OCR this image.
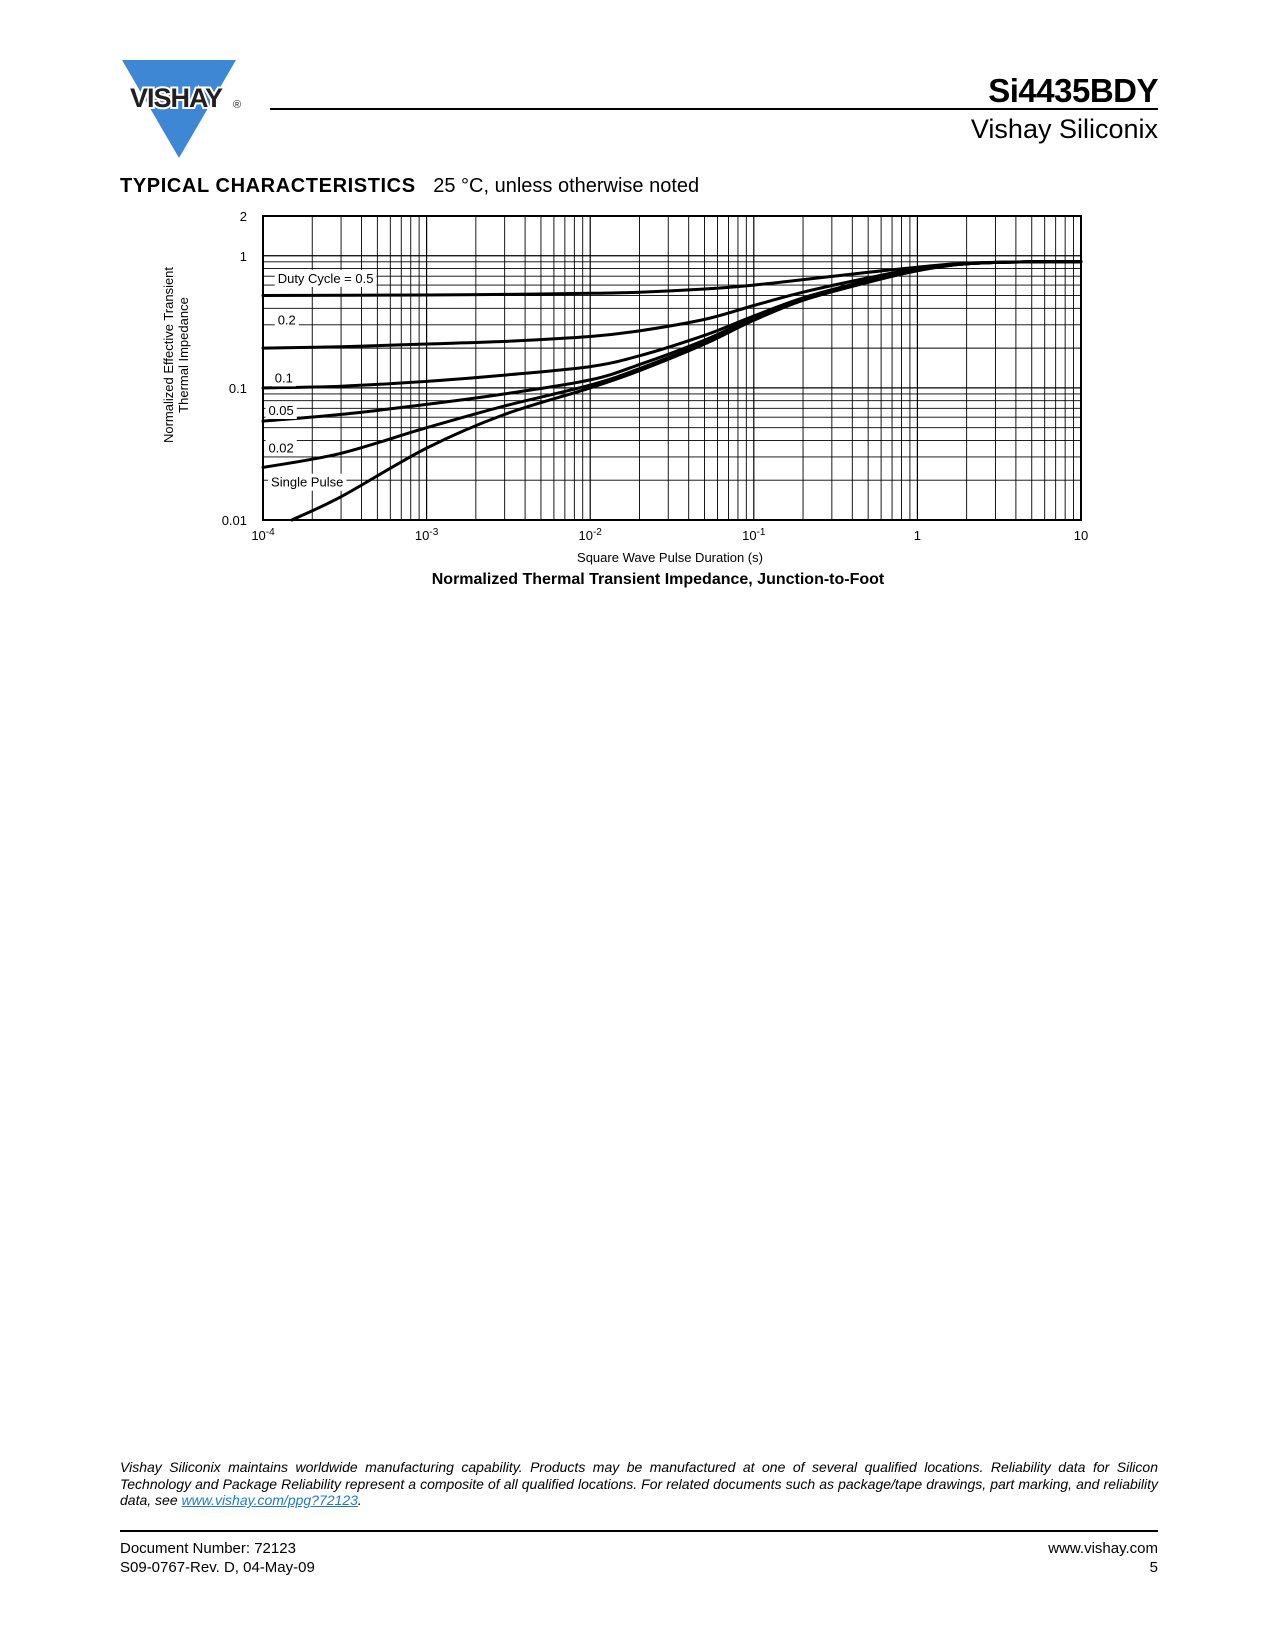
VISHAY ®	Si4435BDY
Vishay Siliconix
TYPICAL CHARACTERISTICS 25 °C, unless otherwise noted
Duty Cycle = 0.5
0.2
0.1
0.05
0.02
Single Pulse
0.01
0.1
1
2
$10^{-4}$	$10^{-3}$	$10^{-2}$	$10^{-1}$	1	10
Normalized Effective Transient Thermal Impedance
Square Wave Pulse Duration (s)
Normalized Thermal Transient Impedance, Junction-to-Foot
Vishay Siliconix maintains worldwide manufacturing capability. Products may be manufactured at one of several qualified locations. Reliability data for Silicon Technology and Package Reliability represent a composite of all qualified locations. For related documents such as package/tape drawings, part marking, and reliability data, see www.vishay.com/ppg?72123.
Document Number: 72123
S09-0767-Rev. D, 04-May-09
www.vishay.com
5
